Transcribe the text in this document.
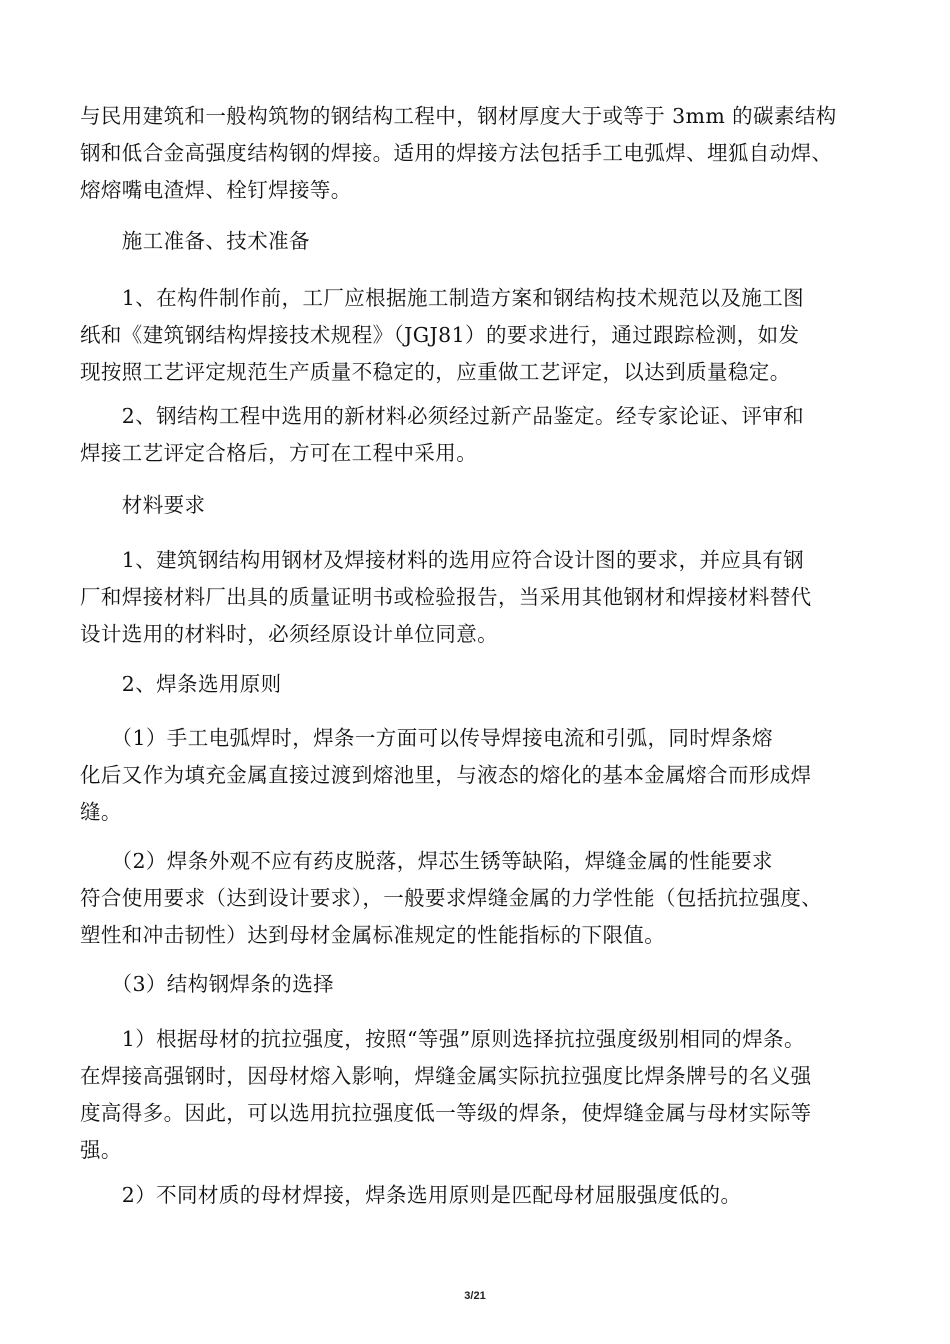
与民用建筑和一般构筑物的钢结构工程中，钢材厚度大于或等于 3mm 的碳素结构
钢和低合金高强度结构钢的焊接。适用的焊接方法包括手工电弧焊、埋狐自动焊、
熔熔嘴电渣焊、栓钉焊接等。

　　施工准备、技术准备

　　1、在构件制作前，工厂应根据施工制造方案和钢结构技术规范以及施工图
纸和《建筑钢结构焊接技术规程》（JGJ81）的要求进行，通过跟踪检测，如发
现按照工艺评定规范生产质量不稳定的，应重做工艺评定，以达到质量稳定。

　　2、钢结构工程中选用的新材料必须经过新产品鉴定。经专家论证、评审和
焊接工艺评定合格后，方可在工程中采用。

　　材料要求

　　1、建筑钢结构用钢材及焊接材料的选用应符合设计图的要求，并应具有钢
厂和焊接材料厂出具的质量证明书或检验报告，当采用其他钢材和焊接材料替代
设计选用的材料时，必须经原设计单位同意。

　　2、焊条选用原则

　　（1）手工电弧焊时，焊条一方面可以传导焊接电流和引弧，同时焊条熔
化后又作为填充金属直接过渡到熔池里，与液态的熔化的基本金属熔合而形成焊
缝。

　　（2）焊条外观不应有药皮脱落，焊芯生锈等缺陷，焊缝金属的性能要求
符合使用要求（达到设计要求），一般要求焊缝金属的力学性能（包括抗拉强度、
塑性和冲击韧性）达到母材金属标准规定的性能指标的下限值。

　　（3）结构钢焊条的选择

　　1）根据母材的抗拉强度，按照“等强”原则选择抗拉强度级别相同的焊条。
在焊接高强钢时，因母材熔入影响，焊缝金属实际抗拉强度比焊条牌号的名义强
度高得多。因此，可以选用抗拉强度低一等级的焊条，使焊缝金属与母材实际等
强。

　　2）不同材质的母材焊接，焊条选用原则是匹配母材屈服强度低的。

3/21
